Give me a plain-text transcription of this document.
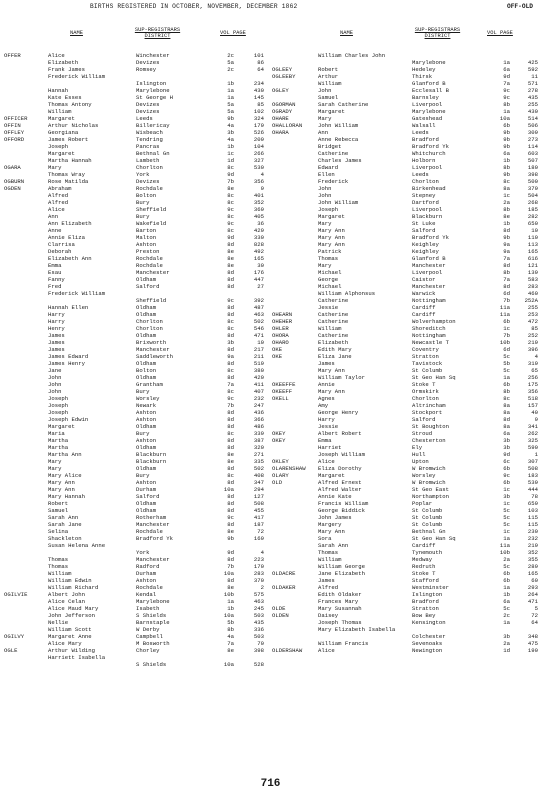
BIRTHS REGISTERED IN OCTOBER, NOVEMBER, DECEMBER 1862	OFF-OLD
NAME	SUP-REGISTRARS
DISTRICT	VOL PAGE	NAME	SUP-REGISTRARS
DISTRICT	VOL PAGE
OFFER	Alice	Winchester	2c	101
Elizabeth	Devizes	5a	86
Frank James	Romsey	2c	64
Frederick William
Islington	1b	234
Hannah	Marylebone	1a	430
Kate Esses	St George H	1a	145
Thomas Antony	Devizes	5a	85
William	Devizes	5a	102
OFFICER	Margaret	Leeds	9b	324
OFFIN	Arthur Nicholas	Billericay	4a	179
OFFLEY	Georgiana	Wisbeach	3b	526
OFFORD	James Robert	Tendring	4a	209
Joseph	Pancras	1b	104
Margaret	Bethnal Gn	1c	266
Martha Hannah	Lambeth	1d	327
OGARA	Mary	Chorlton	8c	530
Thomas Wray	York	9d	4
OGBURN	Rose Matilda	Devizes	7b	356
OGDEN	Abraham	Rochdale	8e	9
Alfred	Bolton	8c	401
Alfred	Bury	8c	352
Alice	Sheffield	9c	369
Ann	Bury	8c	405
Ann Elizabeth	Wakefield	9c	36
Anne	Barton	8c	429
Annie Eliza	Malton	9d	330
Clarrisa	Ashton	8d	828
Deborah	Preston	8e	492
Elizabeth Ann	Rochdale	8e	165
Emma	Rochdale	8e	30
Esau	Manchester	8d	176
Fanny	Oldham	8d	447
Fred	Salford	8d	27
Frederick William
Sheffield	9c	392
Hannah Ellen	Oldham	8d	487
Harry	Oldham	8d	463
Harry	Chorlton	8c	502
Henry	Chorlton	8c	546
James	Oldham	8d	471
James	Brixworth	3b	10
James	Manchester	8d	217
James Edward	Saddleworth	9a	211
James Henry	Oldham	8d	519
Jane	Bolton	8c	380
John	Oldham	8d	420
John	Grantham	7a	411
John	Bury	8c	407
Joseph	Worsley	9c	232
Joseph	Newark	7b	247
Joseph	Ashton	8d	436
Joseph Edwin	Ashton	8d	366
Margaret	Oldham	8d	486
Maria	Bury	8c	339
Martha	Ashton	8d	387
Martha	Oldham	8d	320
Martha Ann	Blackburn	8e	271
Mary	Blackburn	8e	335
Mary	Oldham	8d	502
Mary Alice	Bury	8c	408
Mary Ann	Ashton	8d	347
Mary Ann	Durham	10a	294
Mary Hannah	Salford	8d	127
Robert	Oldham	8d	508
Samuel	Oldham	8d	455
Sarah Ann	Rotherham	9c	417
Sarah Jane	Manchester	8d	187
Selina	Rochdale	8e	72
Shackleton	Bradford Yk	9b	169
Susan Helena Anne
York	9d	4
Thomas	Manchester	8d	223
Thomas	Radford	7b	170
William	Durham	10a	283
William Edwin	Ashton	8d	370
William Richard	Rochdale	8e	2
OGILVIE	Albert John	Kendal	10b	575
Alice Celan	Marylebone	1a	463
Alice Maud Mary	Isabeth	1b	245
John Jefferson	S Shields	10a	503
Nellie	Barnstaple	5b	435
William Scott	W Derby	8b	336
OGILVY	Margaret Anne	Campbell	4a	503
Alice Mary	M Bosworth	7a	70
OGLE	Arthur Wilding	Chorley	8e	398
Harriett Isabella
S Shields	10a	528
William Charles John
Marylebone	1a	425
OGLEEY	Robert	Hedeley	6a	592
OGLEEBY	Arthur	Thirsk	9d	11
William	Glanford B	7a	571
OGLEY	John	Ecclesall B	9c	278
Samuel	Barnsley	9c	435
OGORMAN	Sarah Catherine	Liverpool	8b	255
OGRADY	Margaret	Marylebone	1a	430
OHARE	Mary	Gateshead	10a	514
OHALLORAN	John William	Walsall	6b	506
OHARA	Ann	Leeds	9b	309
Anne Rebecca	Bradford	9b	273
Bridget	Bradford Yk	9b	114
Catherine	Whitchurch	6a	603
Charles James	Holborn	1b	507
Edward	Liverpool	8b	180
Ellen	Leeds	9b	398
Frederick	Chorlton	8c	500
John	Birkenhead	8a	379
John	Stepney	1c	504
John William	Dartford	2a	268
Joseph	Liverpool	8b	185
Margaret	Blackburn	8e	282
Mary	St Luke	1b	650
Mary Ann	Salford	8d	10
Mary Ann	Bradford Yk	9b	110
Mary Ann	Keighley	9a	113
Patrick	Keighley	9a	165
Thomas	Glanford B	7a	616
Mary	Manchester	8d	121
Michael	Liverpool	8b	139
George	Caistor	7a	583
Michael	Manchester	8d	283
William Alphonsus	Warwick	6d	460
Catherine	Nottingham	7b	252A
Jessie	Cardiff	11a	255
OHEARN	Catherine	Cardiff	11a	253
OHEHER	Catherine	Wolverhampton	6b	472
OHLER	William	Shoreditch	1c	85
OHORA	Catherine	Nottingham	7b	252
OHARO	Elizabeth	Newcastle T	10b	219
OKE	Edith Mary	Coventry	6d	396
OKE	Eliza Jane	Stratton	5c	4
James	Tavistock	5b	319
Mary Ann	St Columb	5c	65
William Taylor	St Geo Han Sq	1a	256
OKEEFFE	Annie	Stoke T	6b	175
OKEEFF	Mary Ann	Ormskirk	8b	356
OKELL	Agnes	Chorlton	8c	518
Amy	Altrincham	8a	157
George Henry	Stockport	8a	40
Harry	Salford	8d	9
Jessie	St Boughton	8a	341
OKEY	Albert Robert	Stroud	6a	262
OKEY	Emma	Chesterton	3b	325
Harriet	Ely	3b	590
Joseph William	Hull	9d	1
OKLEY	Alice	Upton	6c	307
OLARENSHAW	Eliza Dorothy	W Bromwich	6b	508
OLARY	Margaret	Worsley	9c	183
OLD	Alfred Ernest	W Bromwich	6b	539
Alfred Walter	St Geo East	1c	444
Annie Kate	Northampton	3b	78
Francis William	Poplar	1c	659
George Biddick	St Columb	5c	103
John James	St Columb	5c	115
Margery	St Columb	5c	115
Mary Ann	Bethnal Gn	1c	230
Sora	St Geo Han Sq	1a	232
Sarah Ann	Cardiff	11a	219
Thomas	Tynemouth	10b	352
William	Medway	2a	355
William George	Redruth	5c	289
OLDACRE	Jane Elizabeth	Stoke T	6b	165
James	Stafford	6b	60
OLDAKER	Alfred	Westminster	1a	293
Edith Oldaker	Islington	1b	264
Frances Mary	Bradford	6a	471
OLDE	Mary Susannah	Stratton	5c	5
OLDEN	Daisey	Bow Bey	2c	72
Joseph Thomas	Kensington	1a	64
Mary Elizabeth Isabella
Colchester	3b	348
William Francis	Sevenoaks	2a	475
OLDERSHAW	Alice	Newington	1d	190
716
